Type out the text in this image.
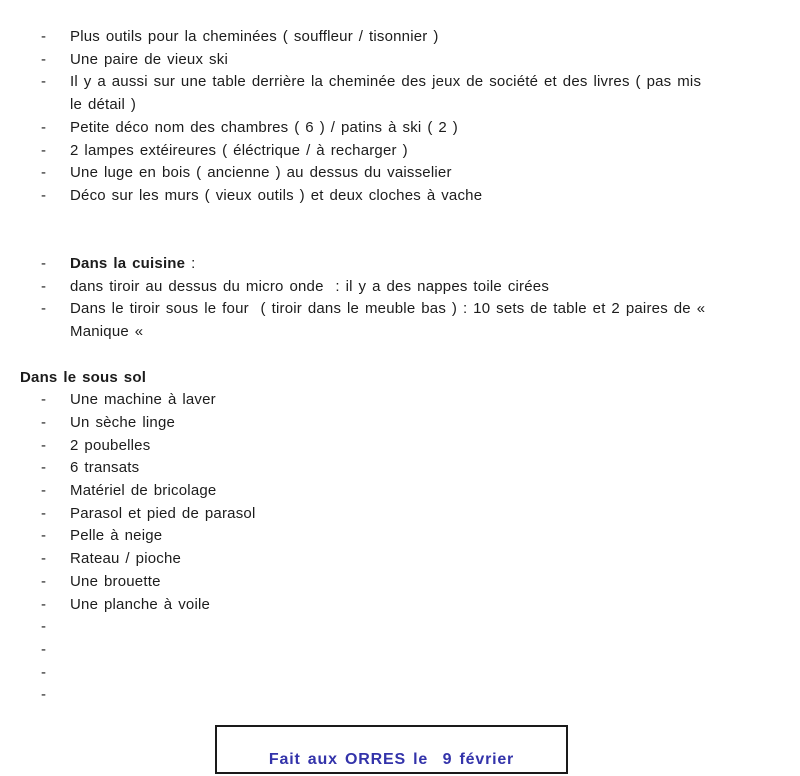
- Plus outils pour la cheminées ( souffleur / tisonnier )
- Une paire de vieux ski
- Il y a aussi sur une table derrière la cheminée des jeux de société et des livres ( pas mis
le détail )
- Petite déco nom des chambres ( 6 ) / patins à ski ( 2 )
- 2 lampes extéireures ( éléctrique / à recharger )
- Une luge en bois ( ancienne ) au dessus du vaisselier
- Déco sur les murs ( vieux outils ) et deux cloches à vache
- Dans la cuisine :
- dans tiroir au dessus du micro onde  : il y a des nappes toile cirées
- Dans le tiroir sous le four  ( tiroir dans le meuble bas ) : 10 sets de table et 2 paires de «
Manique «
Dans le sous sol
- Une machine à laver
- Un sèche linge
- 2 poubelles
- 6 transats
- Matériel de bricolage
- Parasol et pied de parasol
- Pelle à neige
- Rateau / pioche
- Une brouette
- Une planche à voile
-
-
-
-
Fait aux ORRES le  9 février
